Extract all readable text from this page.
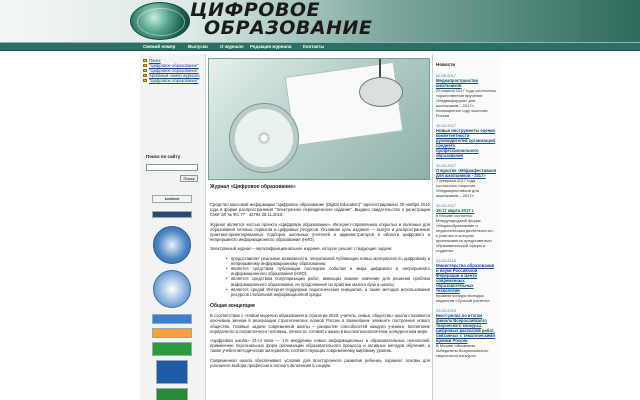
ЦИФРОВОЕ
ОБРАЗОВАНИЕ
Свежий номер	Выпуски	О журнале Редакция журнала	Контакты
Поиск
"Цифровое образование"
"Цифровое образование"
Архивный номер журнала
"Цифровое образование"
Поиск по сайту
Поиск
luxdirect
Журнал «Цифровое образование»

Средство массовой информации "Цифровое образование (Digital Education)" зарегистрировано 26 ноября 2010 года в форме распространения "Электронное периодическое издание". Выдано свидетельство о регистрации СМИ ЭЛ № ФС 77 - 42794 26.11.2010.

Журнал является частью проекта «Цифровое образование», Интернет-справочника открытых и полезных для образования сетевых сервисов и цифровых ресурсов. Основная цель издания — выпуск и распространение практико-ориентированных подборок школьных учителей и администраторов в области цифрового и непрерывного информационного образования (НИО).

Электронный журнал – мультифункциональное издание, которое решает следующие задачи:

• предоставляет реальные возможности, оперативной публикации новых материалов по цифровому и непрерывному информационному образованию;
• является средством публикации последних событий и мира цифрового и непрерывного информационного образования (НИО);
• является средством популяризации работ, имеющих важное значение для решения проблем информационного образования, ее продолжения на практике малого вуза и школы;
• является средой Интернет-поддержки педагогических инициатив, а также методов использования ресурсов глобальной информационной среды;
Общая концепция

В соответствии с «Новой моделью образования в стратегии 2020: учитель, семья, общество» школа становится ключевым звеном в реализации стратегических планов России в важнейшем элементе построения нового общества. Главные задачи современной школы – раскрытие способностей каждого ученика, воспитание порядочного и патриотичного человека, личности, готовой к жизни в высокотехнологичном, конкурентном мире.

«Цифровая школа» 21-го века — это внедрение новых информационных и образовательных технологий, применение персональных форм организации образовательного процесса и активных методов обучения, а также учебно-методических материалов, соответствующих современному мировому уровню.

Современная школа обеспечивает условия для всестороннего развития ребенка, охраняет основы для успешного выбора профессии и полного включения в социум.

Новости
02.05.2017
Медиапространство школьников
25 апреля 2017 года состоялось торжественное вручение «Медиафорума» для школьников – 2017», посвященное году экологии России
19.04.2017
Новые инструменты оценки компетентности руководителей организаций среднего профессионального образования
10.02.2017
Открытие «Медиафестиваля для школьников - 2017»
7 февраля 2017 года состоялось открытие «Медиафестиваля для школьников – 2017».
10.02.2017
16-17 марта 2017 г.
в Москве состоится Международный форум «Медиаобразование и педагогическая деятельность», к участию в котором приглашаются представители образовательной сферы и студенты
20.03.2016
Министерство образования и науки Российской Федерации и Центр современных образовательных технологий
провели конкурс молодых педагогов «Лучший учитель»
25.02.2015
Бюст-релиз по итогам финала Всероссийского творческого конкурса цифровых рассказов работ, связанных с тематическими яркими России
В Москве объявлены победители Всероссийского творческого конкурса
